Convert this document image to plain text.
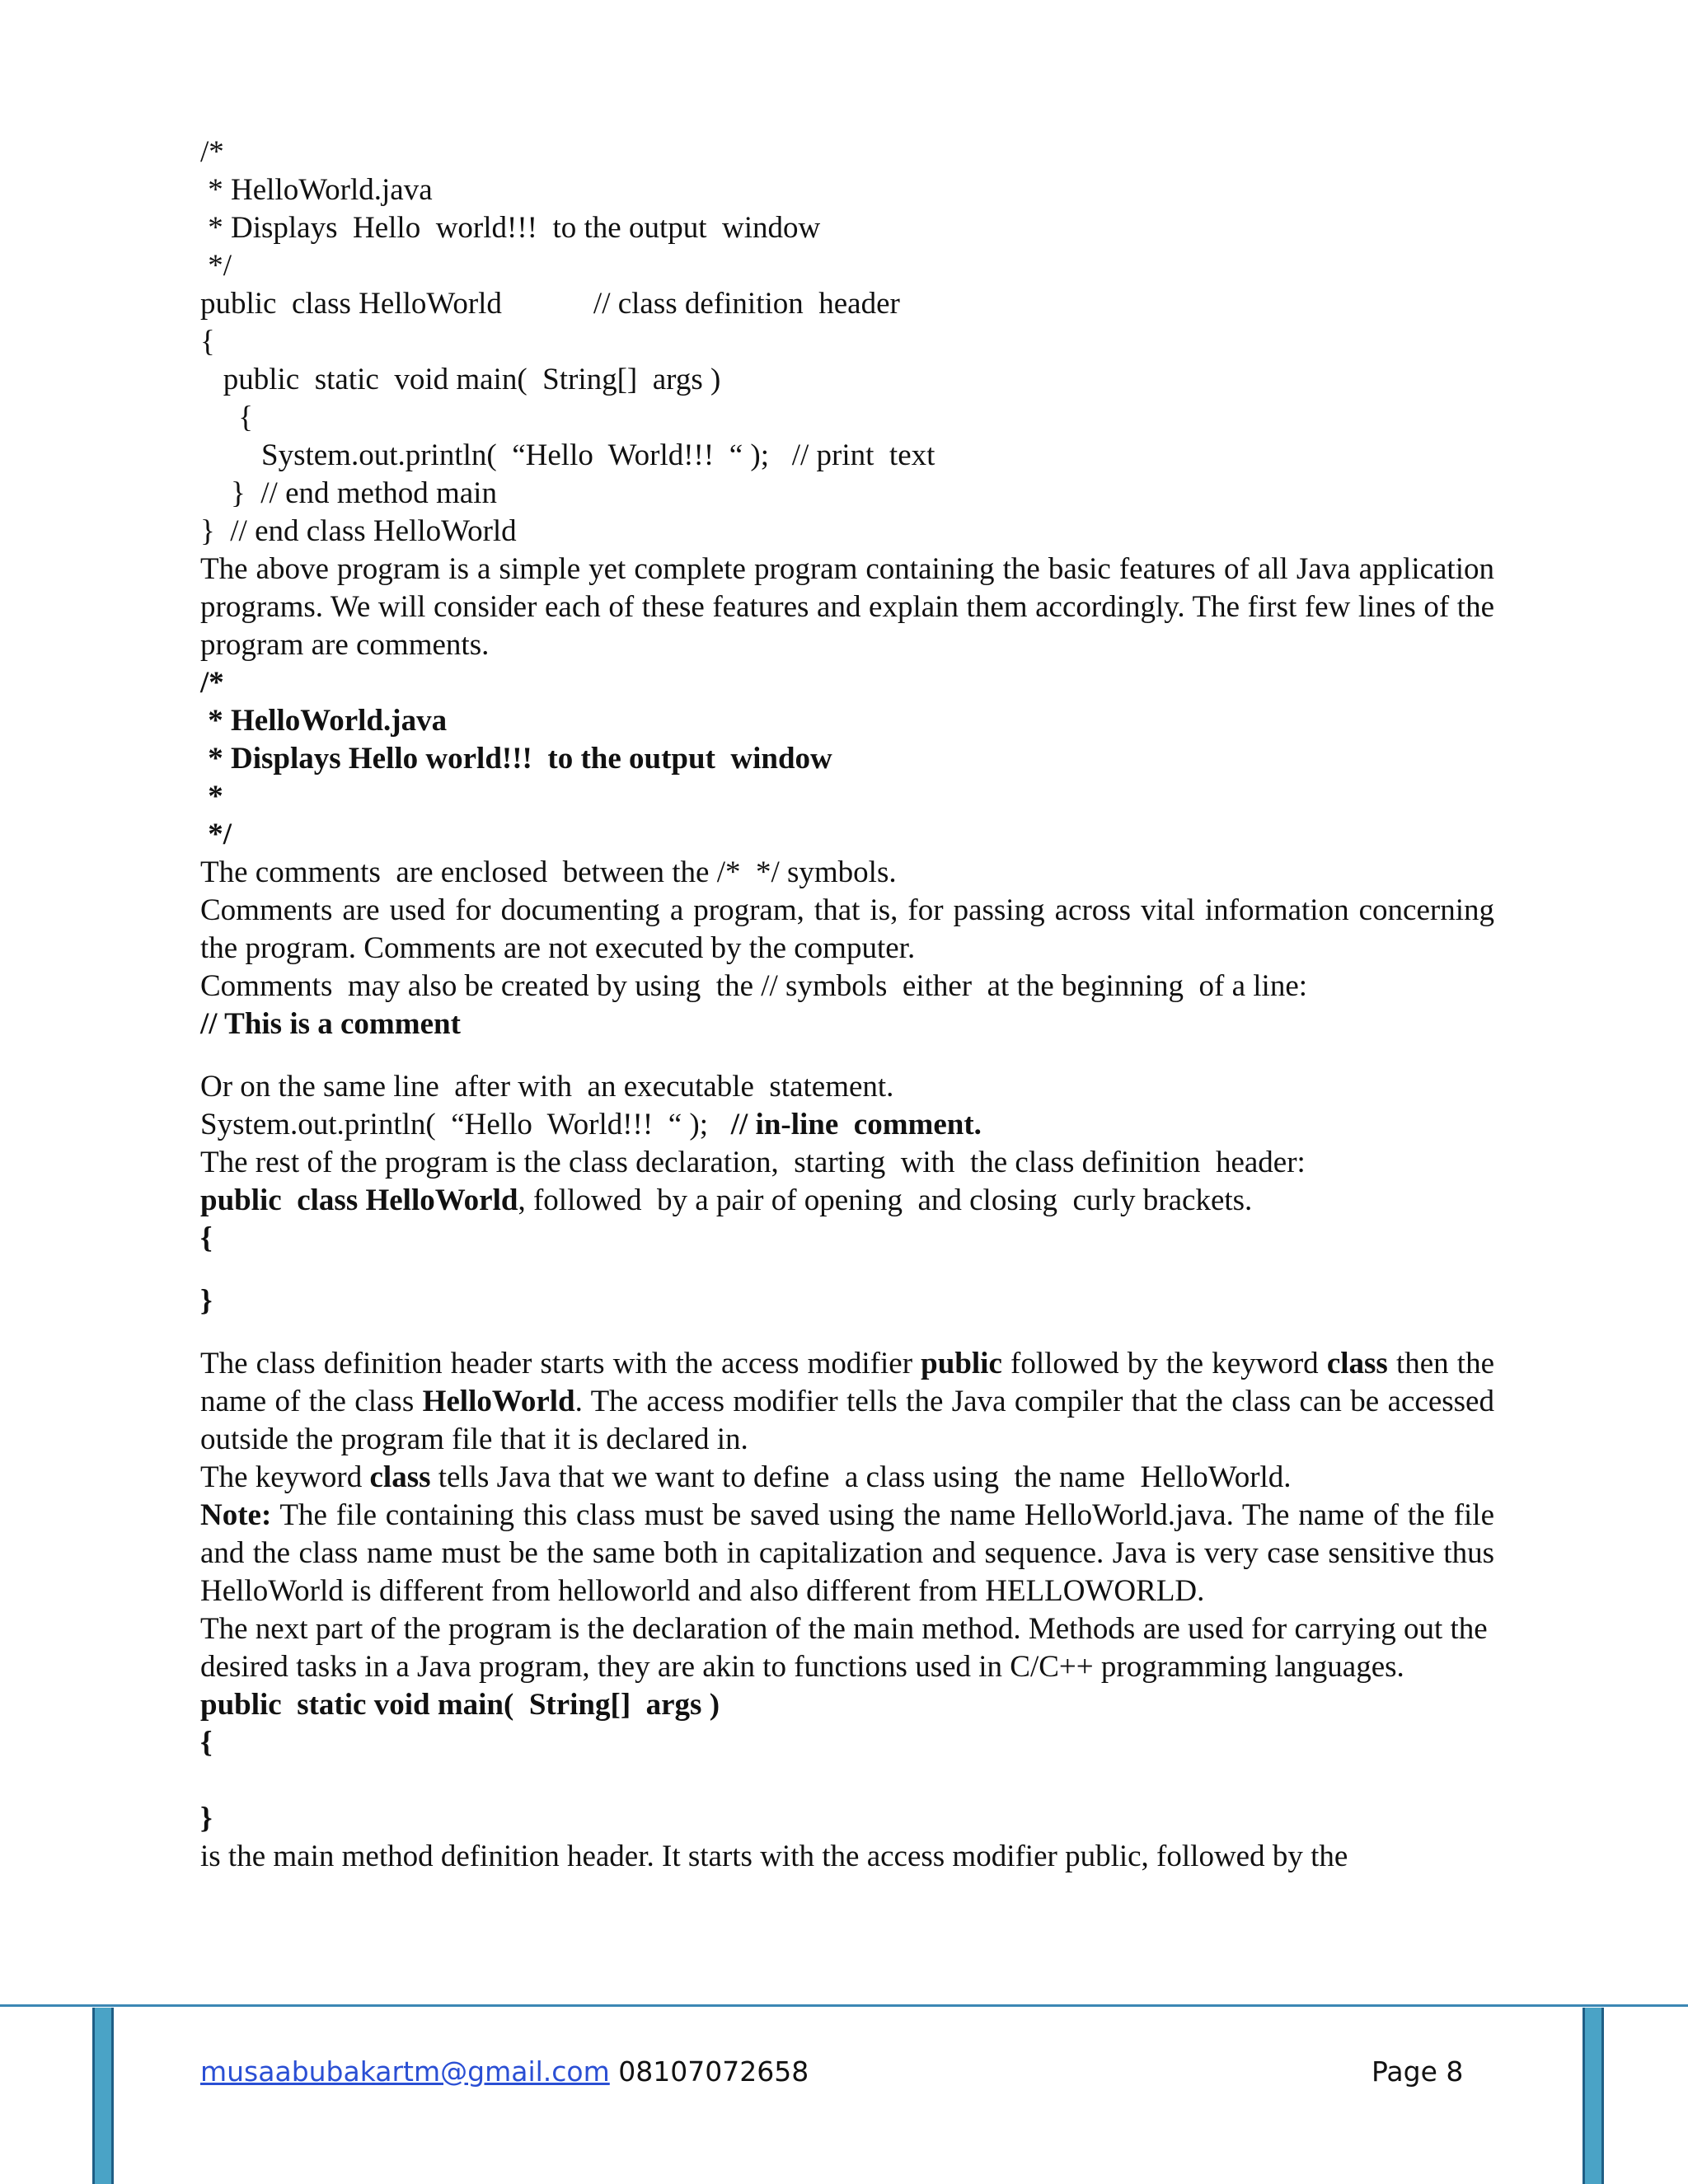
/*
* HelloWorld.java
* Displays  Hello  world!!!  to the output  window
*/
public  class HelloWorld            // class definition  header
{
public  static  void main(  String[]  args )
{
System.out.println(  “Hello  World!!!  “ );   // print  text
}  // end method main
}  // end class HelloWorld
The above program is a simple yet complete program containing the basic features of all Java application programs. We will consider each of these features and explain them accordingly. The first few lines of the program are comments.
/*
* HelloWorld.java
* Displays Hello world!!!  to the output  window
*
*/
The comments  are enclosed  between the /*  */ symbols.
Comments are used for documenting a program, that is, for passing across vital information concerning the program. Comments are not executed by the computer.
Comments  may also be created by using  the // symbols  either  at the beginning  of a line:
// This is a comment
Or on the same line  after with  an executable  statement.
System.out.println(  “Hello  World!!!  “ ); // in-line  comment.
The rest of the program is the class declaration,  starting  with  the class definition  header:
public  class HelloWorld, followed  by a pair of opening  and closing  curly brackets.
{
}
The class definition header starts with the access modifier public followed by the keyword class then the name of the class HelloWorld. The access modifier tells the Java compiler that the class can be accessed outside the program file that it is declared in.
The keyword class tells Java that we want to define  a class using  the name  HelloWorld.
Note: The file containing this class must be saved using the name HelloWorld.java. The name of the file and the class name must be the same both in capitalization and sequence. Java is very case sensitive thus HelloWorld is different from helloworld and also different from HELLOWORLD.
The next part of the program is the declaration of the main method. Methods are used for carrying out the desired tasks in a Java program, they are akin to functions used in C/C++ programming languages.
public  static void main(  String[]  args )
{
}
is the main method definition header. It starts with the access modifier public, followed by the
musaabubakartm@gmail.com 08107072658	Page 8
